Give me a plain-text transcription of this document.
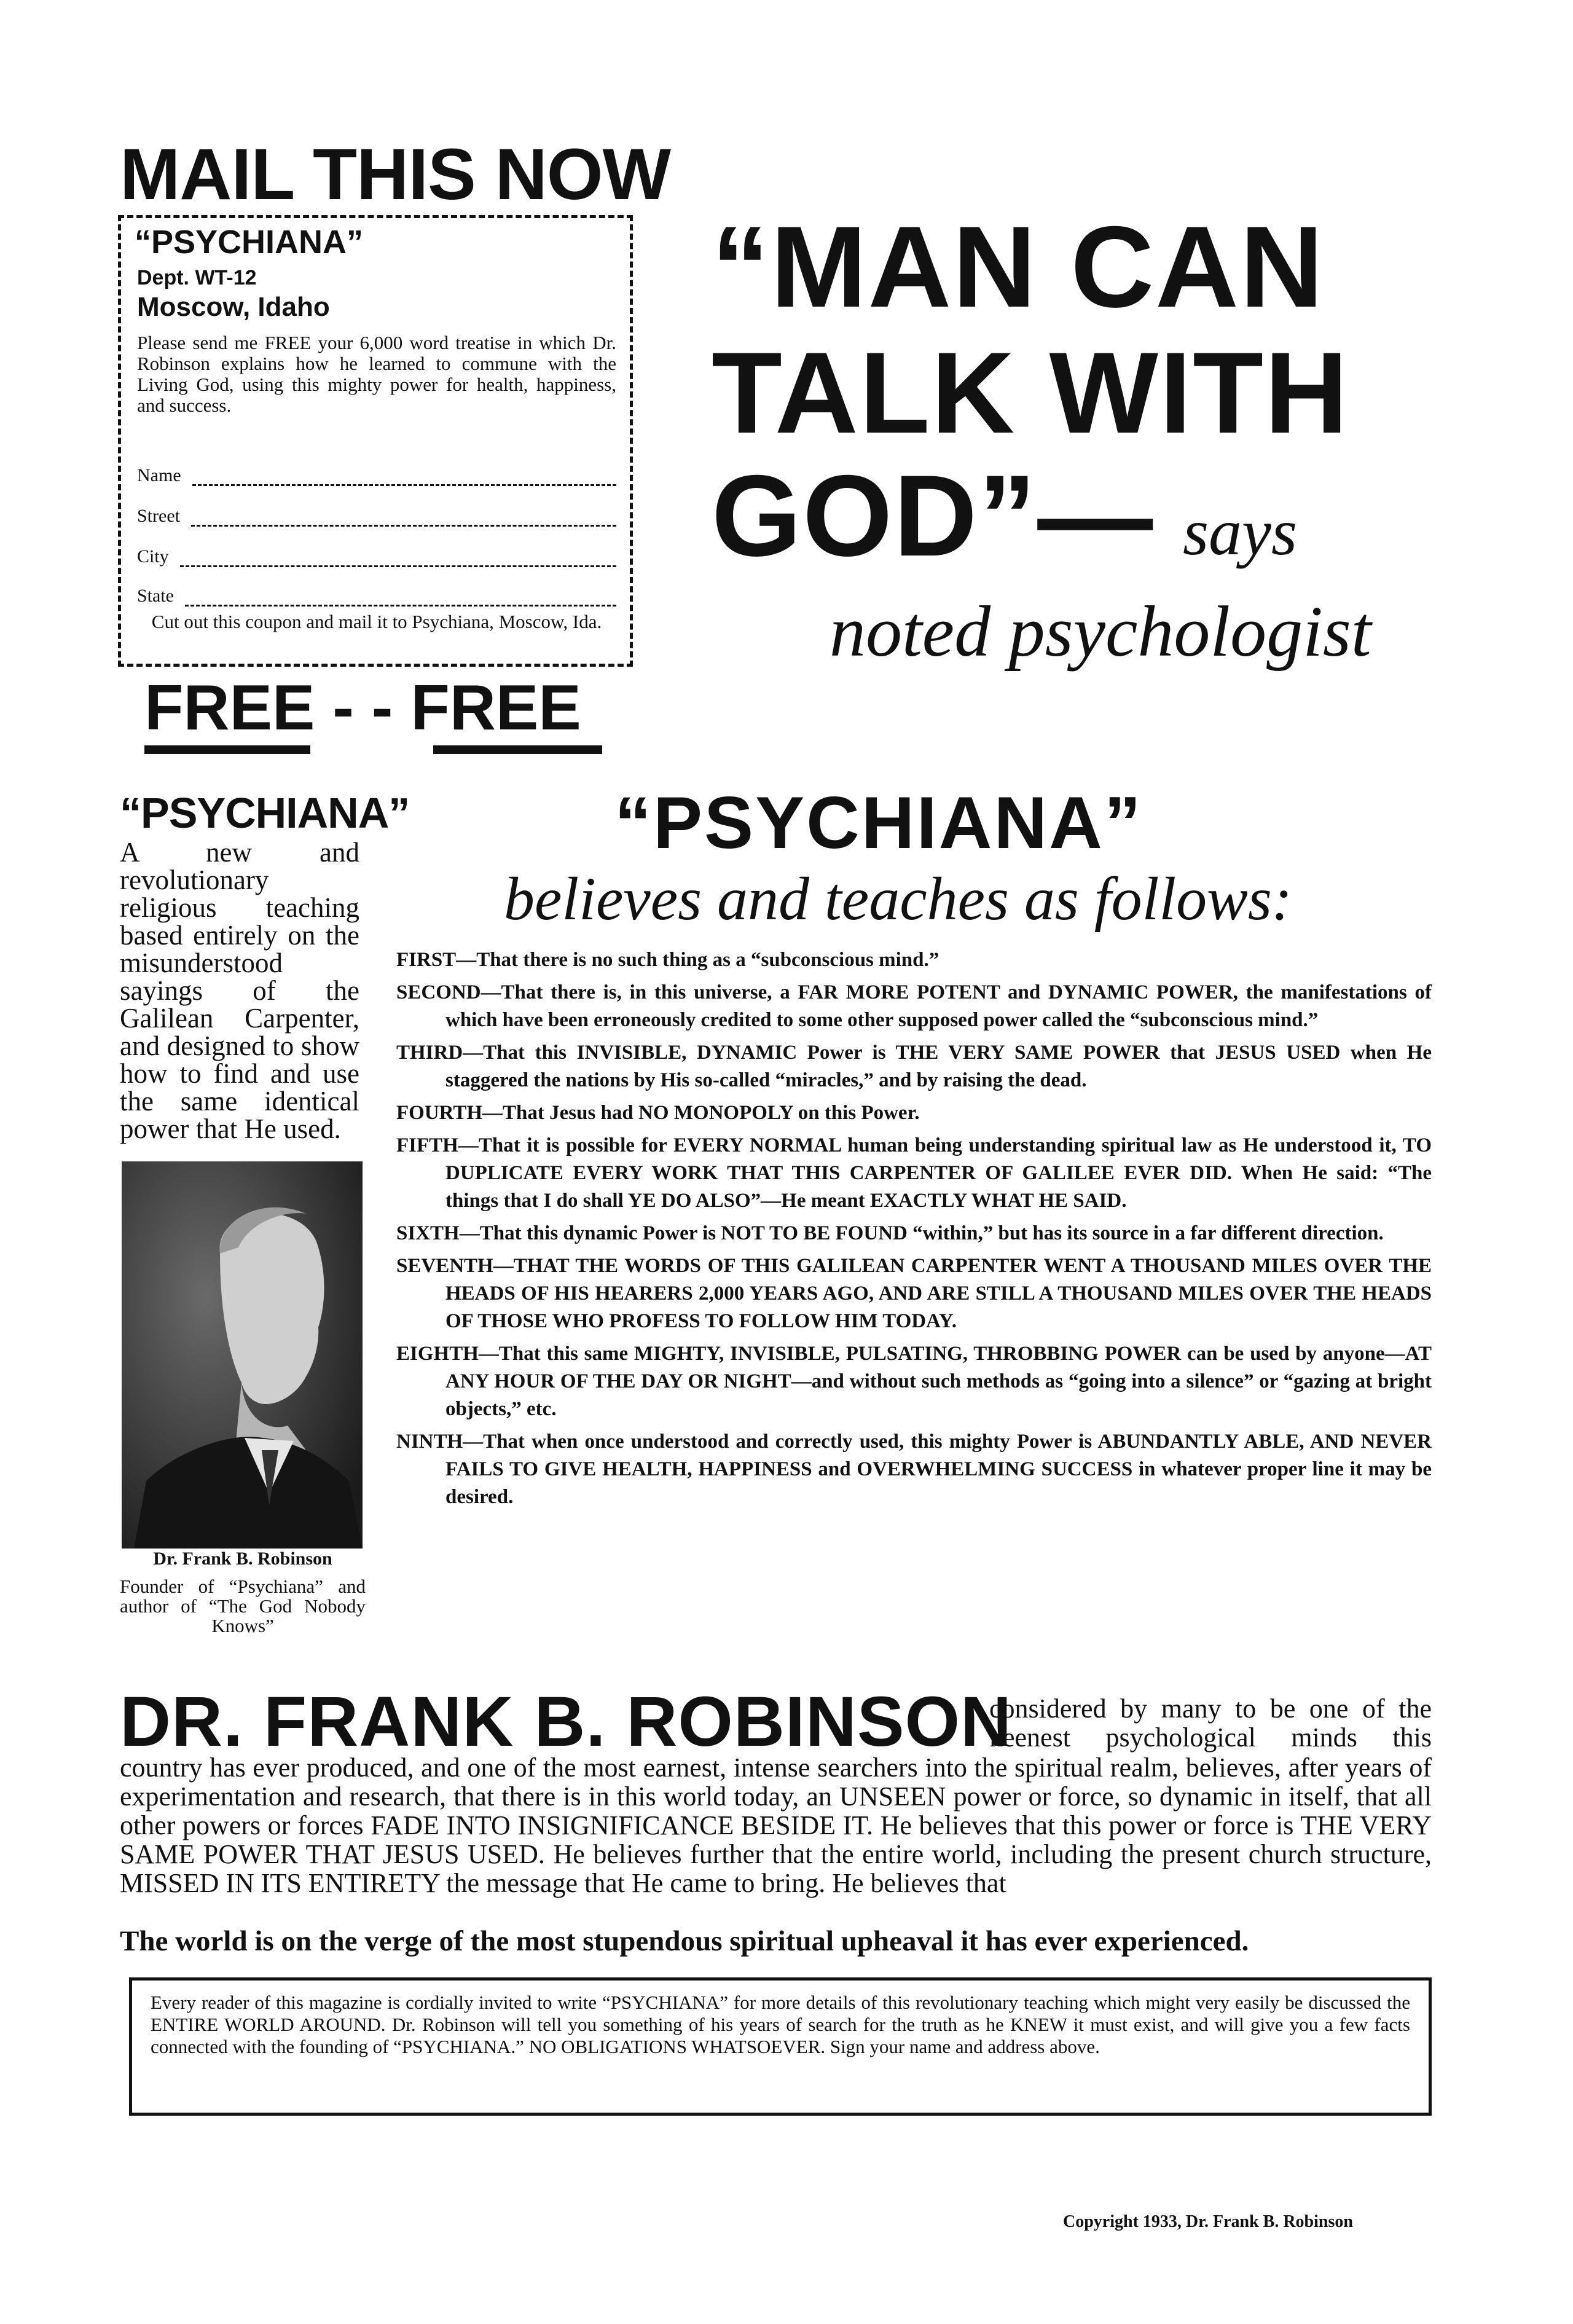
MAIL THIS NOW
“PSYCHIANA”
Dept. WT-12
Moscow, Idaho
Please send me FREE your 6,000 word treatise in which Dr. Robinson explains how he learned to commune with the Living God, using this mighty power for health, happiness, and success.
Name
Street
City
State
Cut out this coupon and mail it to Psychiana, Moscow, Ida.
FREE - - FREE
“MAN CAN
TALK WITH
GOD”— says
noted psychologist
“PSYCHIANA”
A new and revolutionary religious teaching based entirely on the misunderstood sayings of the Galilean Carpenter, and designed to show how to find and use the same identical power that He used.
Dr. Frank B. Robinson
Founder of “Psychiana” and author of “The God Nobody Knows”
“PSYCHIANA”
believes and teaches as follows:
FIRST—That there is no such thing as a “subconscious mind.”
SECOND—That there is, in this universe, a FAR MORE POTENT and DYNAMIC POWER, the manifestations of which have been erroneously credited to some other supposed power called the “subconscious mind.”
THIRD—That this INVISIBLE, DYNAMIC Power is THE VERY SAME POWER that JESUS USED when He staggered the nations by His so-called “miracles,” and by raising the dead.
FOURTH—That Jesus had NO MONOPOLY on this Power.
FIFTH—That it is possible for EVERY NORMAL human being understanding spiritual law as He understood it, TO DUPLICATE EVERY WORK THAT THIS CARPENTER OF GALILEE EVER DID. When He said: “The things that I do shall YE DO ALSO”—He meant EXACTLY WHAT HE SAID.
SIXTH—That this dynamic Power is NOT TO BE FOUND “within,” but has its source in a far different direction.
SEVENTH—THAT THE WORDS OF THIS GALILEAN CARPENTER WENT A THOUSAND MILES OVER THE HEADS OF HIS HEARERS 2,000 YEARS AGO, AND ARE STILL A THOUSAND MILES OVER THE HEADS OF THOSE WHO PROFESS TO FOLLOW HIM TODAY.
EIGHTH—That this same MIGHTY, INVISIBLE, PULSATING, THROBBING POWER can be used by anyone—AT ANY HOUR OF THE DAY OR NIGHT—and without such methods as “going into a silence” or “gazing at bright objects,” etc.
NINTH—That when once understood and correctly used, this mighty Power is ABUNDANTLY ABLE, AND NEVER FAILS TO GIVE HEALTH, HAPPINESS and OVERWHELMING SUCCESS in whatever proper line it may be desired.
DR. FRANK B. ROBINSON
considered by many to be one of the keenest psychological minds this
country has ever produced, and one of the most earnest, intense searchers into the spiritual realm, believes, after years of experimentation and research, that there is in this world today, an UNSEEN power or force, so dynamic in itself, that all other powers or forces FADE INTO INSIGNIFICANCE BESIDE IT. He believes that this power or force is THE VERY SAME POWER THAT JESUS USED. He believes further that the entire world, including the present church structure, MISSED IN ITS ENTIRETY the message that He came to bring. He believes that
The world is on the verge of the most stupendous spiritual upheaval it has ever experienced.
Every reader of this magazine is cordially invited to write “PSYCHIANA” for more details of this revolutionary teaching which might very easily be discussed the ENTIRE WORLD AROUND. Dr. Robinson will tell you something of his years of search for the truth as he KNEW it must exist, and will give you a few facts connected with the founding of “PSYCHIANA.” NO OBLIGATIONS WHATSOEVER. Sign your name and address above.
Copyright 1933, Dr. Frank B. Robinson
